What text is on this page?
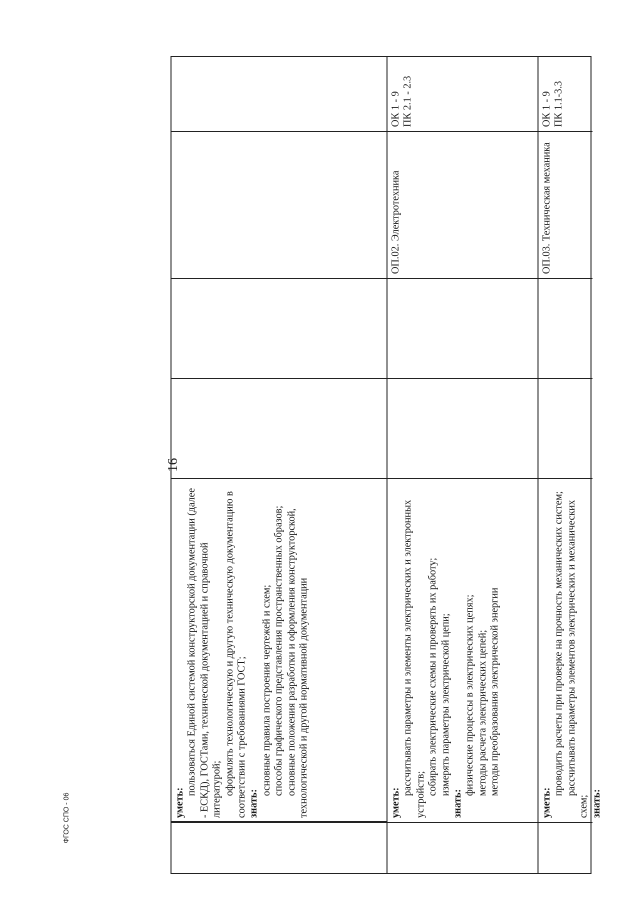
16

уметь:

пользоваться Единой системой конструкторской документации (далее - ЕСКД), ГОСТами, технической документацией и справочной литературой; оформлять технологическую и другую техническую документацию в соответствии с требованиями ГОСТ; знать:

основные правила построения чертежей и схем; способы графического представления пространственных образов; основные положения разработки и оформления конструкторской, технологической и другой нормативной документации	уметь:

рассчитывать параметры и элементы электрических и электронных устройств; собирать электрические схемы и проверять их работу; измерять параметры электрической цепи;

знать:

физические процессы в электрических цепях; методы расчета электрических цепей; методы преобразования электрической энергии

ОП.02. Электротехника

ОК 1 - 9 ПК 2.1 - 2.3

уметь:

проводить расчеты при проверке на прочность механических систем; рассчитывать параметры элементов электрических и механических схем; знать:

ОП.03. Техническая механика

ОК 1 - 9 ПК 1.1-3.3

ФГОС СПО - 06
